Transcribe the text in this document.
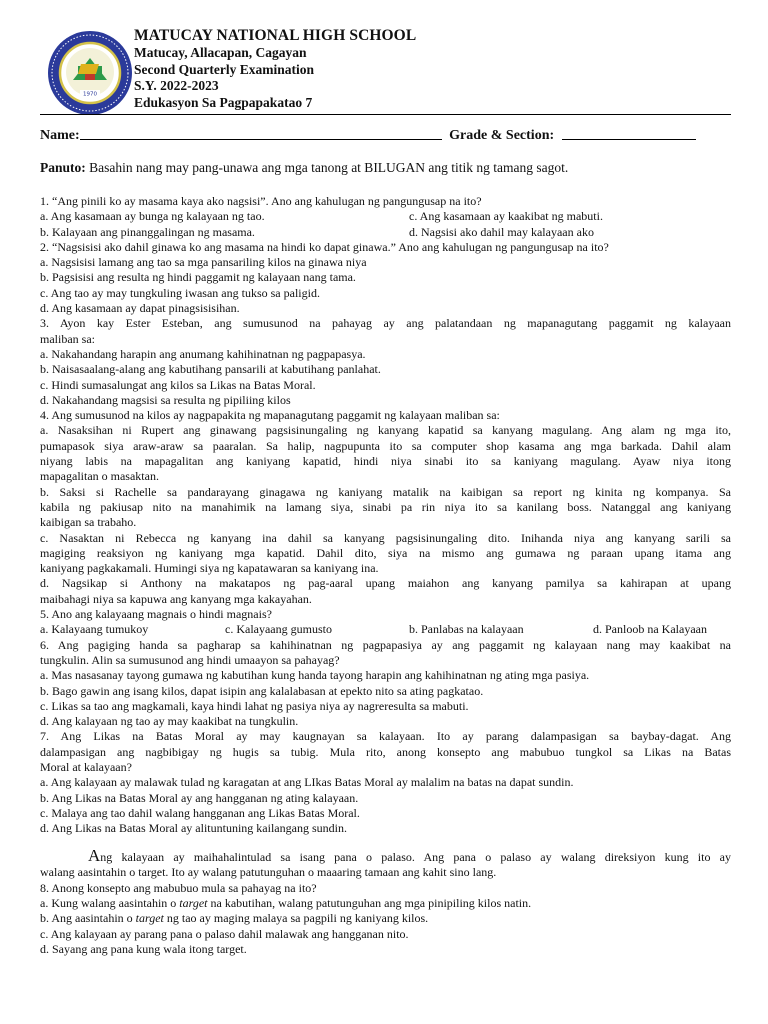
1970
MATUCAY NATIONAL HIGH SCHOOL
Matucay, Allacapan, Cagayan
Second Quarterly Examination
S.Y. 2022-2023
Edukasyon Sa Pagpapakatao 7
Name:	Grade & Section:
Panuto: Basahin nang may pang-unawa ang mga tanong at BILUGAN ang titik ng tamang sagot.
1. “Ang pinili ko ay masama kaya ako nagsisi”. Ano ang kahulugan ng pangungusap na ito?
a. Ang kasamaan ay bunga ng kalayaan ng tao.	c. Ang kasamaan ay kaakibat ng mabuti.
b. Kalayaan ang pinanggalingan ng masama.	d. Nagsisi ako dahil may kalayaan ako
2. “Nagsisisi ako dahil ginawa ko ang masama na hindi ko dapat ginawa.” Ano ang kahulugan ng pangungusap na ito?
a. Nagsisisi lamang ang tao sa mga pansariling kilos na ginawa niya
b. Pagsisisi ang resulta ng hindi paggamit ng kalayaan nang tama.
c. Ang tao ay may tungkuling iwasan ang tukso sa paligid.
d. Ang kasamaan ay dapat pinagsisisihan.
3. Ayon kay Ester Esteban, ang sumusunod na pahayag ay ang palatandaan ng mapanagutang paggamit ng kalayaan
maliban sa:
a. Nakahandang harapin ang anumang kahihinatnan ng pagpapasya.
b. Naisasaalang-alang ang kabutihang pansarili at kabutihang panlahat.
c. Hindi sumasalungat ang kilos sa Likas na Batas Moral.
d. Nakahandang magsisi sa resulta ng pipiliing kilos
4. Ang sumusunod na kilos ay nagpapakita ng mapanagutang paggamit ng kalayaan maliban sa:
a. Nasaksihan ni Rupert ang ginawang pagsisinungaling ng kanyang kapatid sa kanyang magulang. Ang alam ng mga ito,
pumapasok siya araw-araw sa paaralan. Sa halip, nagpupunta ito sa computer shop kasama ang mga barkada. Dahil alam
niyang labis na mapagalitan ang kaniyang kapatid, hindi niya sinabi ito sa kaniyang magulang. Ayaw niya itong
mapagalitan o masaktan.
b. Saksi si Rachelle sa pandarayang ginagawa ng kaniyang matalik na kaibigan sa report ng kinita ng kompanya. Sa
kabila ng pakiusap nito na manahimik na lamang siya, sinabi pa rin niya ito sa kanilang boss. Natanggal ang kaniyang
kaibigan sa trabaho.
c. Nasaktan ni Rebecca ng kanyang ina dahil sa kanyang pagsisinungaling dito. Inihanda niya ang kanyang sarili sa
magiging reaksiyon ng kaniyang mga kapatid. Dahil dito, siya na mismo ang gumawa ng paraan upang itama ang
kaniyang pagkakamali. Humingi siya ng kapatawaran sa kaniyang ina.
d. Nagsikap si Anthony na makatapos ng pag-aaral upang maiahon ang kanyang pamilya sa kahirapan at upang
maibahagi niya sa kapuwa ang kanyang mga kakayahan.
5. Ano ang kalayaang magnais o hindi magnais?
a. Kalayaang tumukoy	c. Kalayaang gumusto	b. Panlabas na kalayaan	d. Panloob na Kalayaan
6. Ang pagiging handa sa pagharap sa kahihinatnan ng pagpapasiya ay ang paggamit ng kalayaan nang may kaakibat na
tungkulin. Alin sa sumusunod ang hindi umaayon sa pahayag?
a. Mas nasasanay tayong gumawa ng kabutihan kung handa tayong harapin ang kahihinatnan ng ating mga pasiya.
b. Bago gawin ang isang kilos, dapat isipin ang kalalabasan at epekto nito sa ating pagkatao.
c. Likas sa tao ang magkamali, kaya hindi lahat ng pasiya niya ay nagreresulta sa mabuti.
d. Ang kalayaan ng tao ay may kaakibat na tungkulin.
7. Ang Likas na Batas Moral ay may kaugnayan sa kalayaan. Ito ay parang dalampasigan sa baybay-dagat. Ang
dalampasigan ang nagbibigay ng hugis sa tubig. Mula rito, anong konsepto ang mabubuo tungkol sa Likas na Batas
Moral at kalayaan?
a. Ang kalayaan ay malawak tulad ng karagatan at ang LIkas Batas Moral ay malalim na batas na dapat sundin.
b. Ang Likas na Batas Moral ay ang hangganan ng ating kalayaan.
c. Malaya ang tao dahil walang hangganan ang Likas Batas Moral.
d. Ang Likas na Batas Moral ay alituntuning kailangang sundin.
Ang kalayaan ay maihahalintulad sa isang pana o palaso. Ang pana o palaso ay walang direksiyon kung ito ay
walang aasintahin o target. Ito ay walang patutunguhan o maaaring tamaan ang kahit sino lang.
8. Anong konsepto ang mabubuo mula sa pahayag na ito?
a. Kung walang aasintahin o target na kabutihan, walang patutunguhan ang mga pinipiling kilos natin.
b. Ang aasintahin o target ng tao ay maging malaya sa pagpili ng kaniyang kilos.
c. Ang kalayaan ay parang pana o palaso dahil malawak ang hangganan nito.
d. Sayang ang pana kung wala itong target.
